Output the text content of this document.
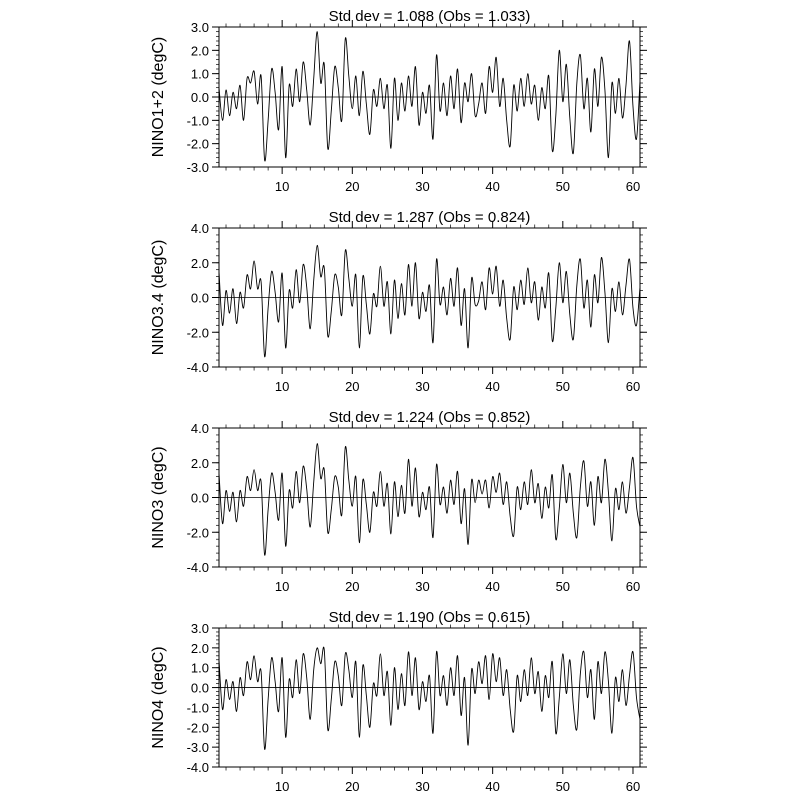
Std dev = 1.088 (Obs = 1.033)
NINO1+2 (degC)
-3.0
-2.0
-1.0
0.0
1.0
2.0
3.0
10	20	30	40	50	60
Std dev = 1.287 (Obs = 0.824)
NINO3.4 (degC)
-4.0
-2.0
0.0
2.0
4.0
10	20	30	40	50	60
Std dev = 1.224 (Obs = 0.852)
NINO3 (degC)
-4.0
-2.0
0.0
2.0
4.0
10	20	30	40	50	60
Std dev = 1.190 (Obs = 0.615)
NINO4 (degC)
-4.0
-3.0
-2.0
-1.0
0.0
1.0
2.0
3.0
10	20	30	40	50	60
